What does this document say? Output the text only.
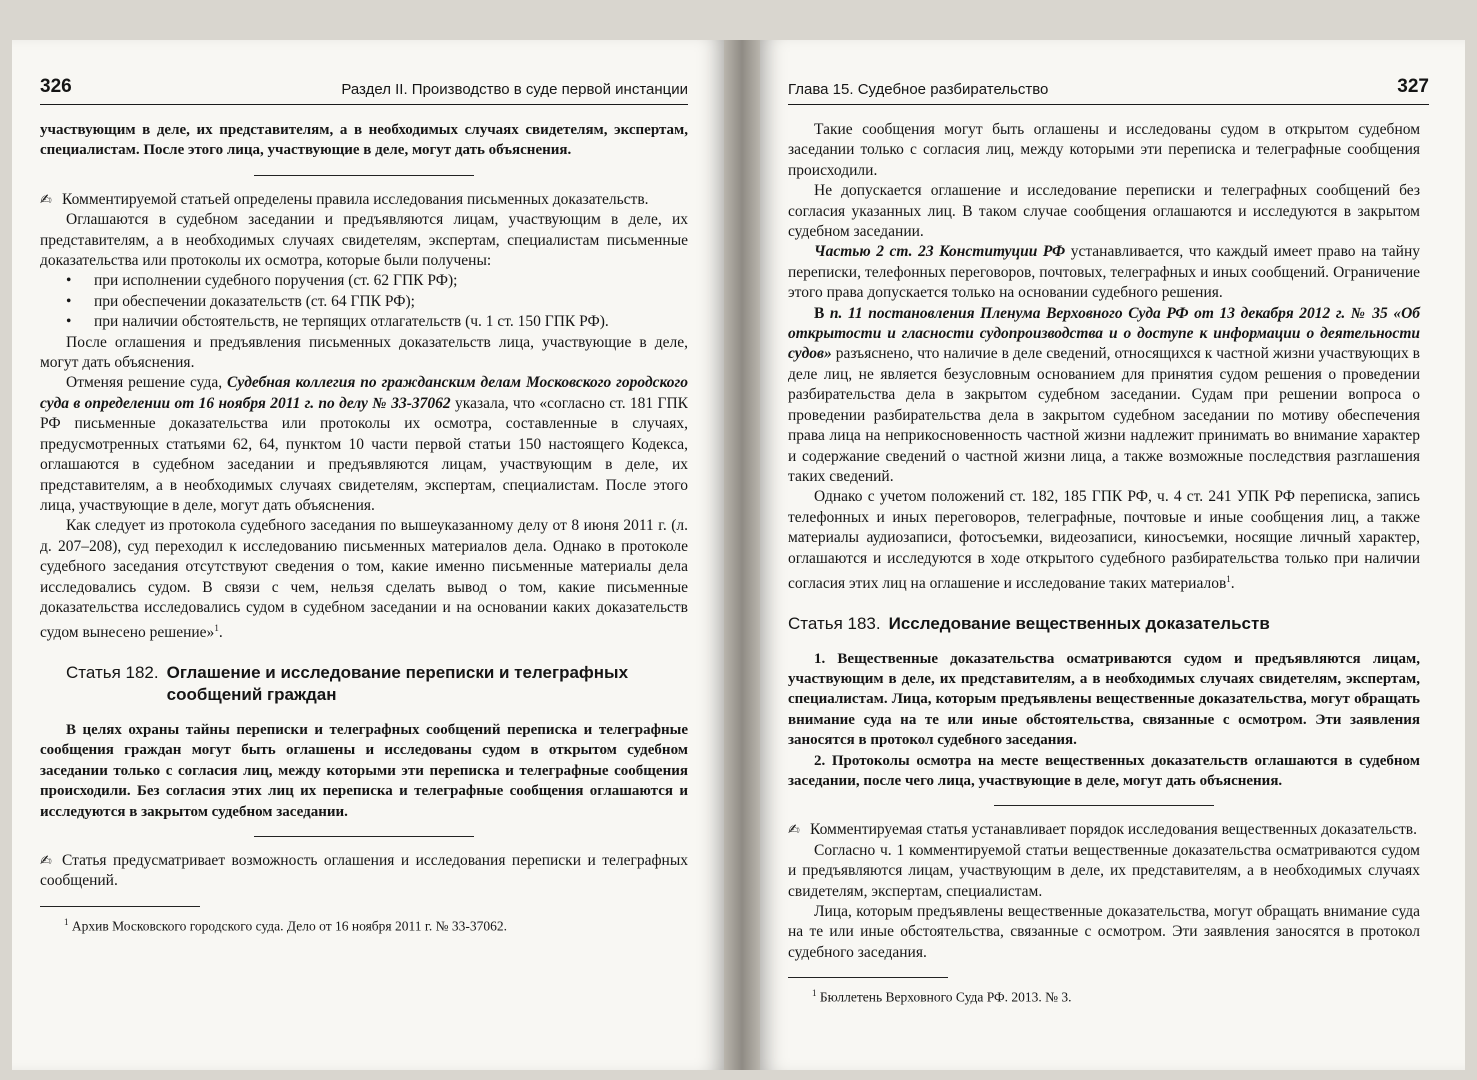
326	Раздел II. Производство в суде первой инстанции

участвующим в деле, их представителям, а в необходимых случаях свидетелям, экспертам, специалистам. После этого лица, участвующие в деле, могут дать объяснения.

✍ Комментируемой статьей определены правила исследования письменных доказательств.

Оглашаются в судебном заседании и предъявляются лицам, участвующим в деле, их представителям, а в необходимых случаях свидетелям, экспертам, специалистам письменные доказательства или протоколы их осмотра, которые были получены:

• при исполнении судебного поручения (ст. 62 ГПК РФ);
• при обеспечении доказательств (ст. 64 ГПК РФ);
• при наличии обстоятельств, не терпящих отлагательств (ч. 1 ст. 150 ГПК РФ).

После оглашения и предъявления письменных доказательств лица, участвующие в деле, могут дать объяснения.

Отменяя решение суда, Судебная коллегия по гражданским делам Московского городского суда в определении от 16 ноября 2011 г. по делу № 33-37062 указала, что «согласно ст. 181 ГПК РФ письменные доказательства или протоколы их осмотра, составленные в случаях, предусмотренных статьями 62, 64, пунктом 10 части первой статьи 150 настоящего Кодекса, оглашаются в судебном заседании и предъявляются лицам, участвующим в деле, их представителям, а в необходимых случаях свидетелям, экспертам, специалистам. После этого лица, участвующие в деле, могут дать объяснения.

Как следует из протокола судебного заседания по вышеуказанному делу от 8 июня 2011 г. (л. д. 207–208), суд переходил к исследованию письменных материалов дела. Однако в протоколе судебного заседания отсутствуют сведения о том, какие именно письменные материалы дела исследовались судом. В связи с чем, нельзя сделать вывод о том, какие письменные доказательства исследовались судом в судебном заседании и на основании каких доказательств судом вынесено решение»$^1$.

Статья 182. Оглашение и исследование переписки и телеграфных сообщений граждан

В целях охраны тайны переписки и телеграфных сообщений переписка и телеграфные сообщения граждан могут быть оглашены и исследованы судом в открытом судебном заседании только с согласия лиц, между которыми эти переписка и телеграфные сообщения происходили. Без согласия этих лиц их переписка и телеграфные сообщения оглашаются и исследуются в закрытом судебном заседании.

✍ Статья предусматривает возможность оглашения и исследования переписки и телеграфных сообщений.

$^1$ Архив Московского городского суда. Дело от 16 ноября 2011 г. № 33-37062.
Глава 15. Судебное разбирательство	327

Такие сообщения могут быть оглашены и исследованы судом в открытом судебном заседании только с согласия лиц, между которыми эти переписка и телеграфные сообщения происходили.

Не допускается оглашение и исследование переписки и телеграфных сообщений без согласия указанных лиц. В таком случае сообщения оглашаются и исследуются в закрытом судебном заседании.

Частью 2 ст. 23 Конституции РФ устанавливается, что каждый имеет право на тайну переписки, телефонных переговоров, почтовых, телеграфных и иных сообщений. Ограничение этого права допускается только на основании судебного решения.

В п. 11 постановления Пленума Верховного Суда РФ от 13 декабря 2012 г. № 35 «Об открытости и гласности судопроизводства и о доступе к информации о деятельности судов» разъяснено, что наличие в деле сведений, относящихся к частной жизни участвующих в деле лиц, не является безусловным основанием для принятия судом решения о проведении разбирательства дела в закрытом судебном заседании. Судам при решении вопроса о проведении разбирательства дела в закрытом судебном заседании по мотиву обеспечения права лица на неприкосновенность частной жизни надлежит принимать во внимание характер и содержание сведений о частной жизни лица, а также возможные последствия разглашения таких сведений.

Однако с учетом положений ст. 182, 185 ГПК РФ, ч. 4 ст. 241 УПК РФ переписка, запись телефонных и иных переговоров, телеграфные, почтовые и иные сообщения лиц, а также материалы аудиозаписи, фотосъемки, видеозаписи, киносъемки, носящие личный характер, оглашаются и исследуются в ходе открытого судебного разбирательства только при наличии согласия этих лиц на оглашение и исследование таких материалов$^1$.

Статья 183. Исследование вещественных доказательств

1. Вещественные доказательства осматриваются судом и предъявляются лицам, участвующим в деле, их представителям, а в необходимых случаях свидетелям, экспертам, специалистам. Лица, которым предъявлены вещественные доказательства, могут обращать внимание суда на те или иные обстоятельства, связанные с осмотром. Эти заявления заносятся в протокол судебного заседания.

2. Протоколы осмотра на месте вещественных доказательств оглашаются в судебном заседании, после чего лица, участвующие в деле, могут дать объяснения.

✍ Комментируемая статья устанавливает порядок исследования вещественных доказательств.

Согласно ч. 1 комментируемой статьи вещественные доказательства осматриваются судом и предъявляются лицам, участвующим в деле, их представителям, а в необходимых случаях свидетелям, экспертам, специалистам.

Лица, которым предъявлены вещественные доказательства, могут обращать внимание суда на те или иные обстоятельства, связанные с осмотром. Эти заявления заносятся в протокол судебного заседания.

$^1$ Бюллетень Верховного Суда РФ. 2013. № 3.
